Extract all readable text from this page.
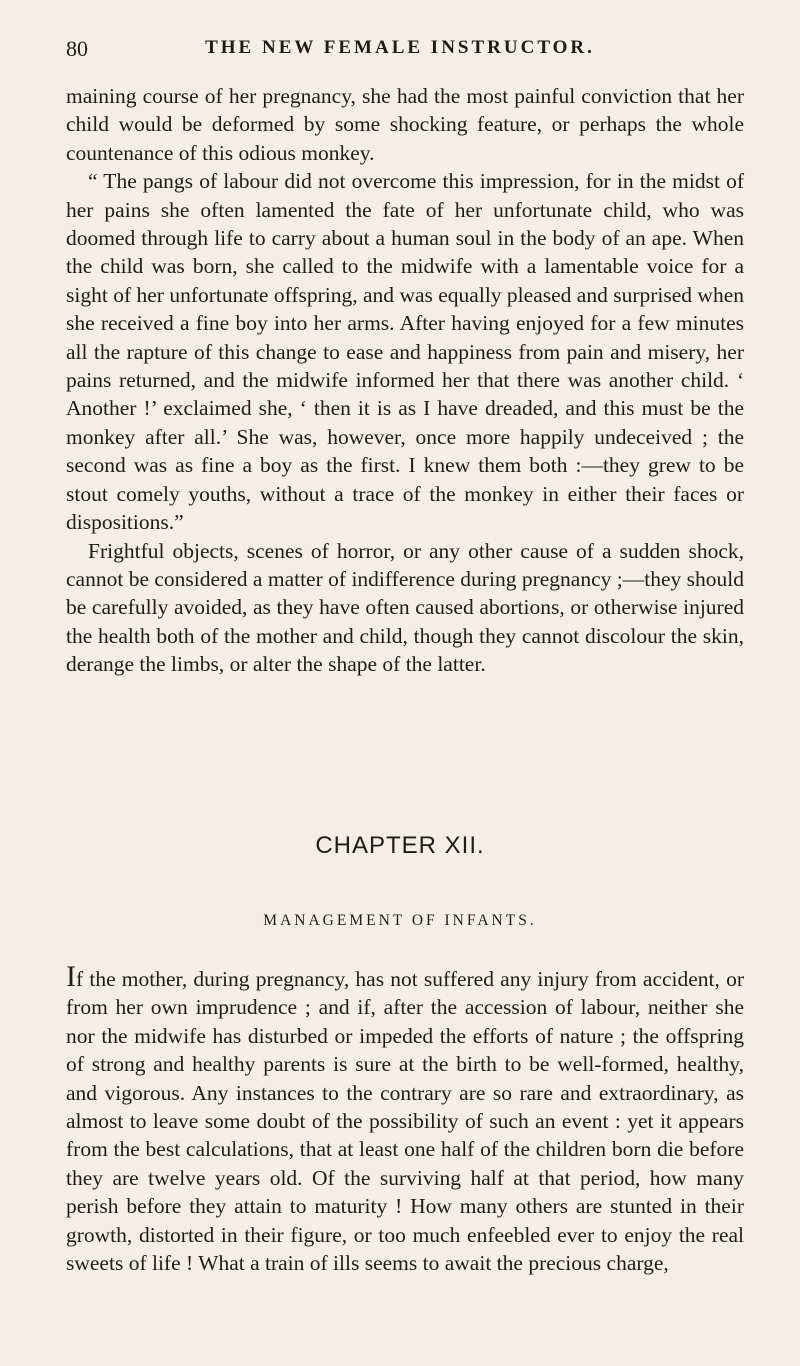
80	THE NEW FEMALE INSTRUCTOR.

maining course of her pregnancy, she had the most painful conviction that her child would be deformed by some shocking feature, or perhaps the whole countenance of this odious monkey.

“ The pangs of labour did not overcome this impression, for in the midst of her pains she often lamented the fate of her unfortunate child, who was doomed through life to carry about a human soul in the body of an ape. When the child was born, she called to the midwife with a lamentable voice for a sight of her unfortunate offspring, and was equally pleased and surprised when she received a fine boy into her arms. After having enjoyed for a few minutes all the rapture of this change to ease and happiness from pain and misery, her pains returned, and the midwife informed her that there was another child. ‘ Another !’ exclaimed she, ‘ then it is as I have dreaded, and this must be the monkey after all.’ She was, however, once more happily undeceived ; the second was as fine a boy as the first. I knew them both :—they grew to be stout comely youths, without a trace of the monkey in either their faces or dispositions.”

Frightful objects, scenes of horror, or any other cause of a sudden shock, cannot be considered a matter of indifference during pregnancy ;—they should be carefully avoided, as they have often caused abortions, or otherwise injured the health both of the mother and child, though they cannot discolour the skin, derange the limbs, or alter the shape of the latter.

CHAPTER XII.
MANAGEMENT OF INFANTS.

If the mother, during pregnancy, has not suffered any injury from accident, or from her own imprudence ; and if, after the accession of labour, neither she nor the midwife has disturbed or impeded the efforts of nature ; the offspring of strong and healthy parents is sure at the birth to be well-formed, healthy, and vigorous. Any instances to the contrary are so rare and extraordinary, as almost to leave some doubt of the possibility of such an event : yet it appears from the best calculations, that at least one half of the children born die before they are twelve years old. Of the surviving half at that period, how many perish before they attain to maturity ! How many others are stunted in their growth, distorted in their figure, or too much enfeebled ever to enjoy the real sweets of life ! What a train of ills seems to await the precious charge,
